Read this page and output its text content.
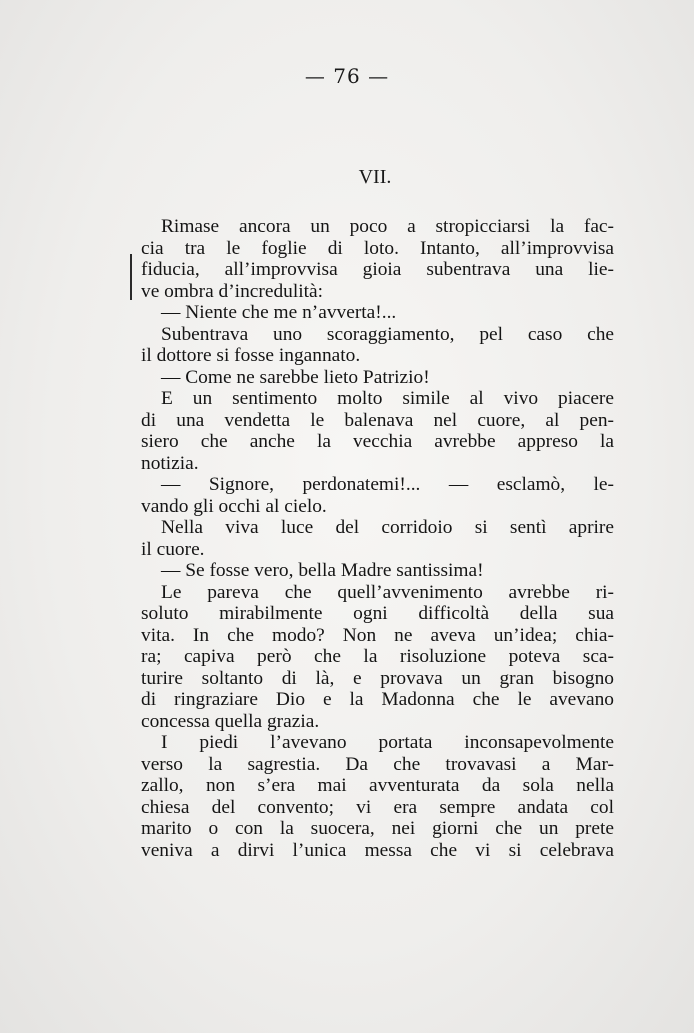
— 76 —
VII.
Rimase ancora un poco a stropicciarsi la fac-
cia tra le foglie di loto. Intanto, all’improvvisa
fiducia, all’improvvisa gioia subentrava una lie-
ve ombra d’incredulità:
— Niente che me n’avverta!...
Subentrava uno scoraggiamento, pel caso che
il dottore si fosse ingannato.
— Come ne sarebbe lieto Patrizio!
E un sentimento molto simile al vivo piacere
di una vendetta le balenava nel cuore, al pen-
siero che anche la vecchia avrebbe appreso la
notizia.
— Signore, perdonatemi!... — esclamò, le-
vando gli occhi al cielo.
Nella viva luce del corridoio si sentì aprire
il cuore.
— Se fosse vero, bella Madre santissima!
Le pareva che quell’avvenimento avrebbe ri-
soluto mirabilmente ogni difficoltà della sua
vita. In che modo? Non ne aveva un’idea; chia-
ra; capiva però che la risoluzione poteva sca-
turire soltanto di là, e provava un gran bisogno
di ringraziare Dio e la Madonna che le avevano
concessa quella grazia.
I piedi l’avevano portata inconsapevolmente
verso la sagrestia. Da che trovavasi a Mar-
zallo, non s’era mai avventurata da sola nella
chiesa del convento; vi era sempre andata col
marito o con la suocera, nei giorni che un prete
veniva a dirvi l’unica messa che vi si celebrava
